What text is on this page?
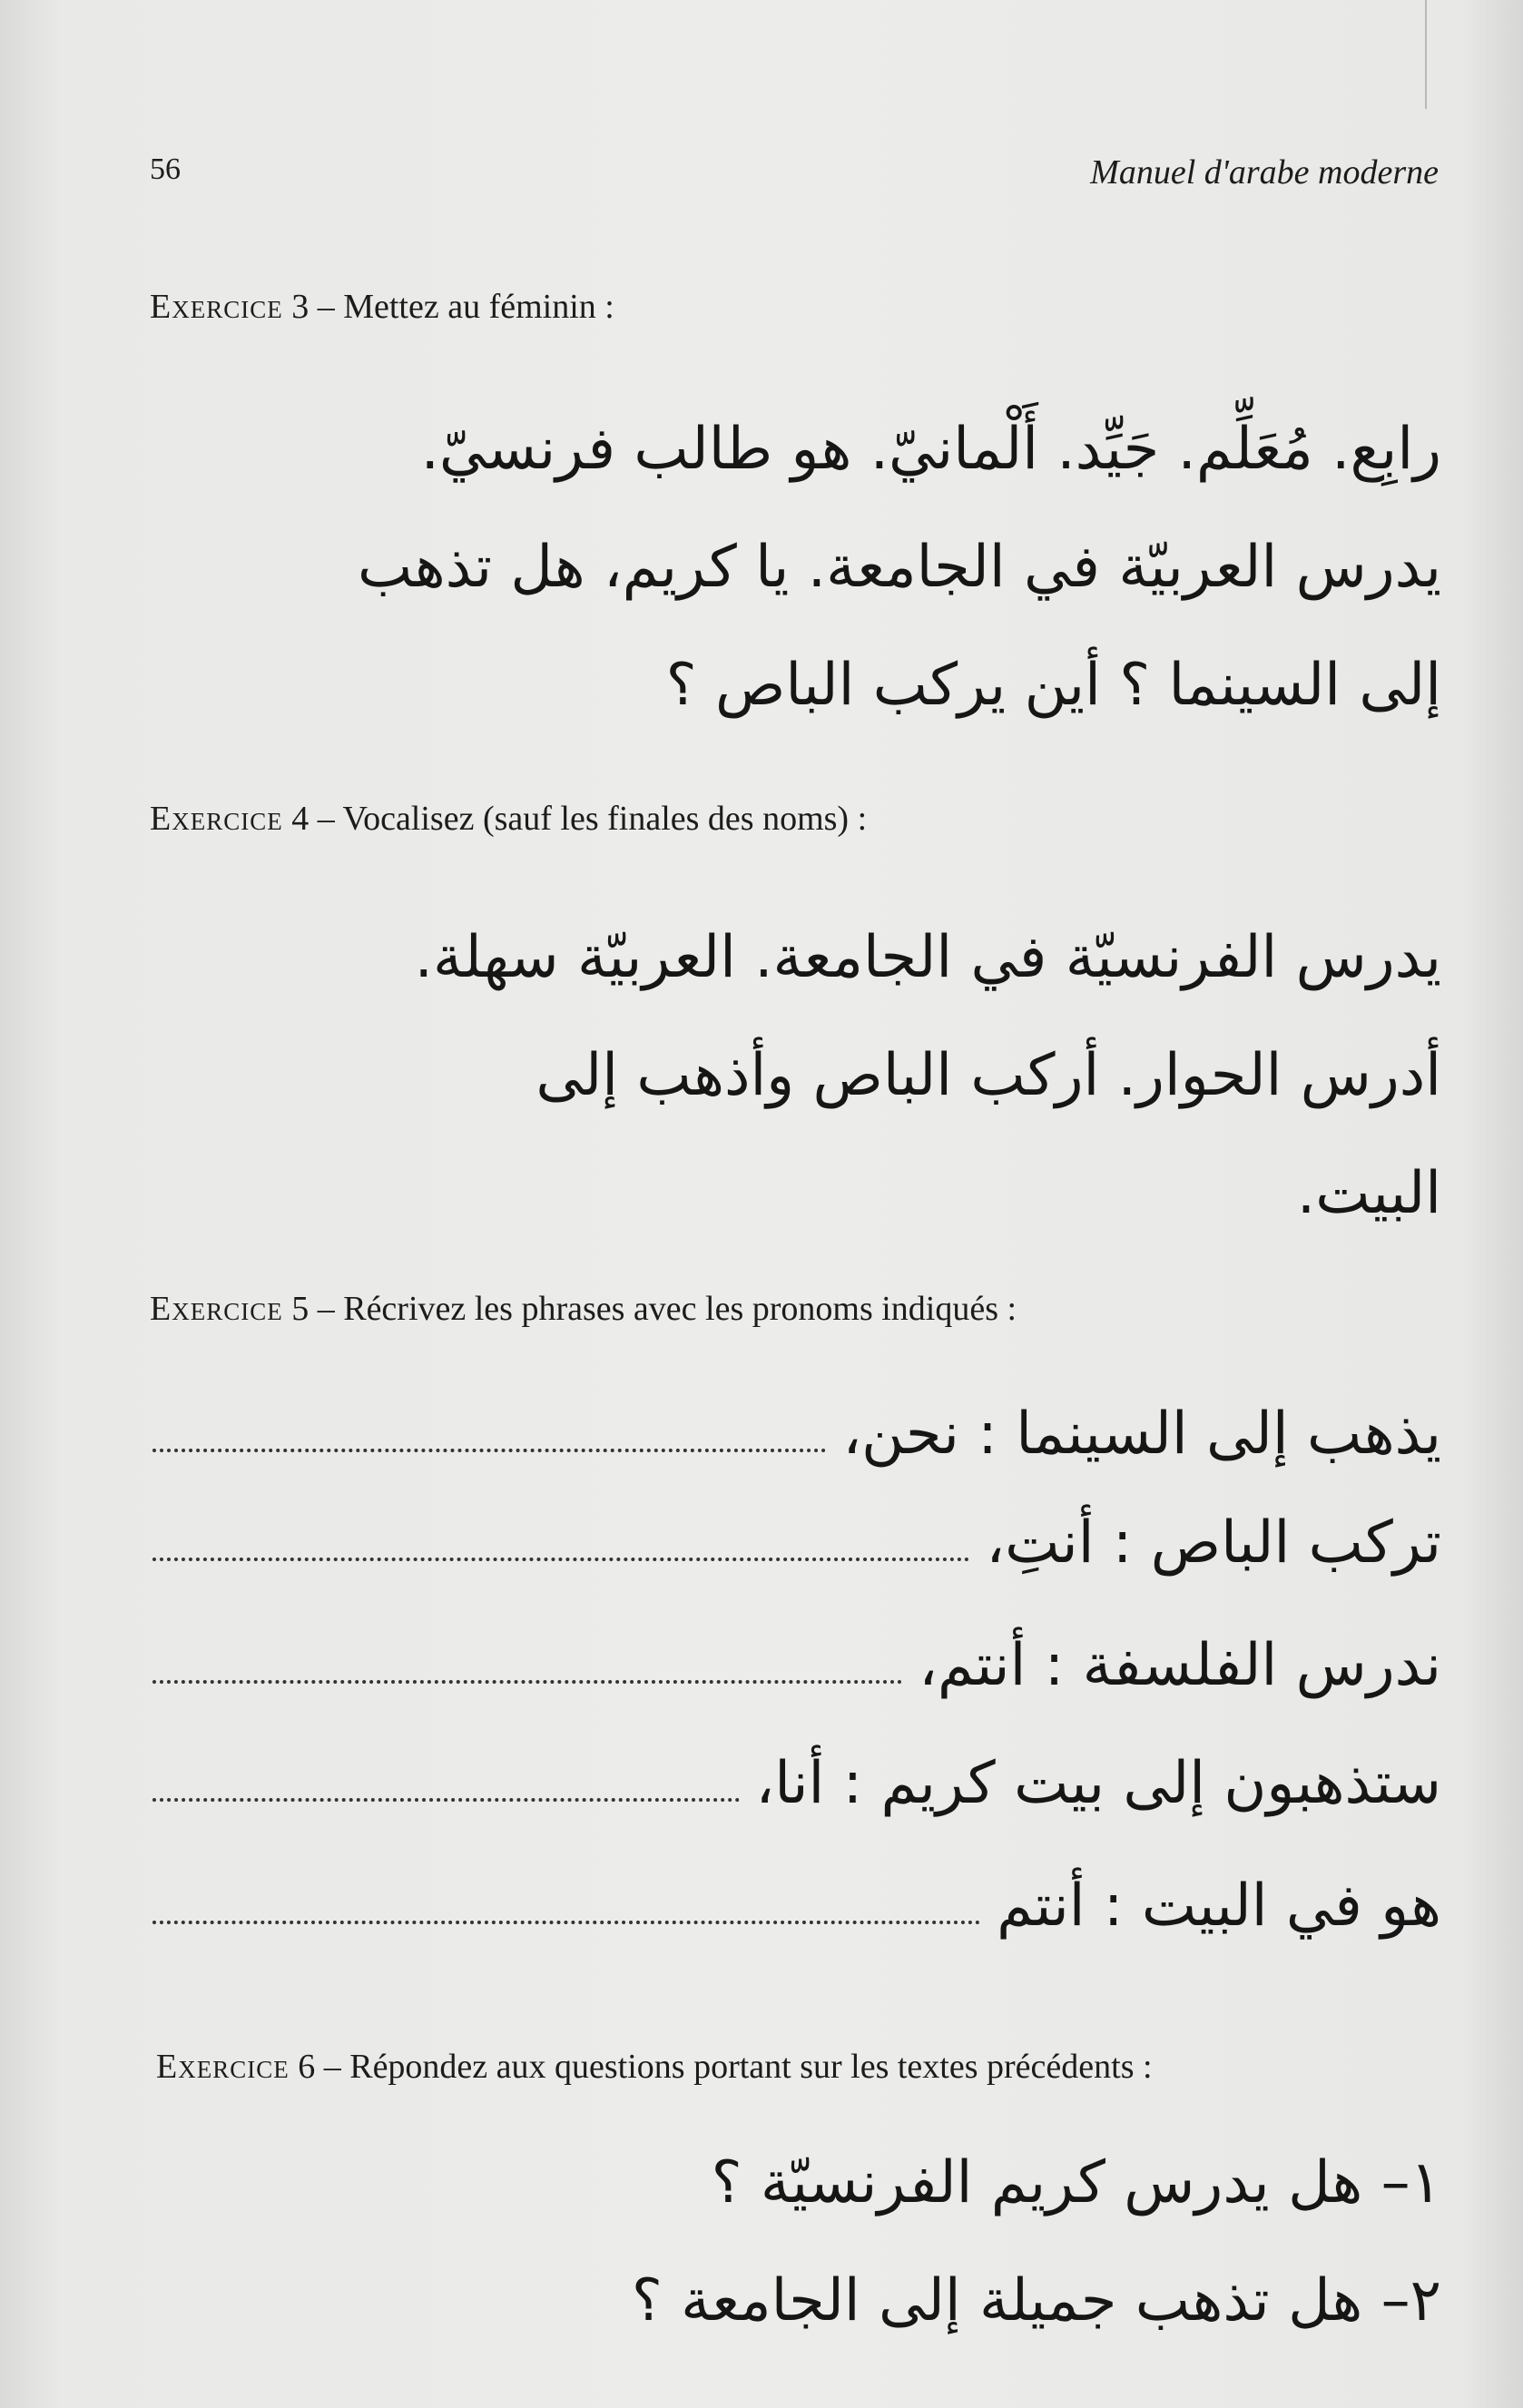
56	Manuel d'arabe moderne
Exercice 3 – Mettez au féminin :
رابِع. مُعَلِّم. جَيِّد. أَلْمانيّ. هو طالب فرنسيّ.
يدرس العربيّة في الجامعة. يا كريم، هل تذهب
إلى السينما ؟ أين يركب الباص ؟
Exercice 4 – Vocalisez (sauf les finales des noms) :
يدرس الفرنسيّة في الجامعة. العربيّة سهلة.
أدرس الحوار. أركب الباص وأذهب إلى
البيت.
Exercice 5 – Récrivez les phrases avec les pronoms indiqués :
يذهب إلى السينما : نحن،
تركب الباص : أنتِ،
ندرس الفلسفة : أنتم،
ستذهبون إلى بيت كريم : أنا،
هو في البيت : أنتم
Exercice 6 – Répondez aux questions portant sur les textes précédents :
١– هل يدرس كريم الفرنسيّة ؟
٢– هل تذهب جميلة إلى الجامعة ؟
